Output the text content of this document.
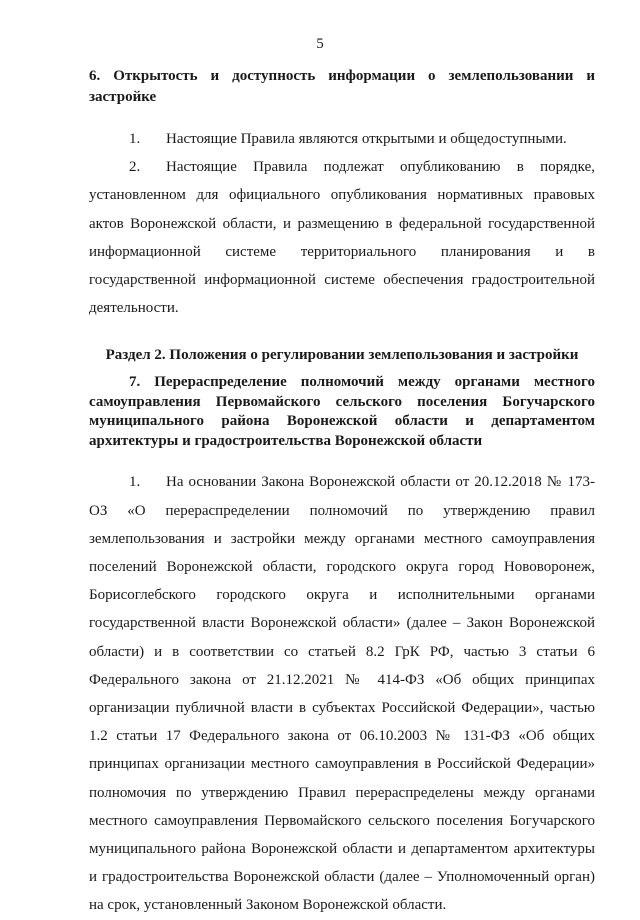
5

6. Открытость и доступность информации о землепользовании и застройке

1. Настоящие Правила являются открытыми и общедоступными.

2. Настоящие Правила подлежат опубликованию в порядке, установленном для официального опубликования нормативных правовых актов Воронежской области, и размещению в федеральной государственной информационной системе территориального планирования и в государственной информационной системе обеспечения градостроительной деятельности.

Раздел 2. Положения о регулировании землепользования и застройки

7. Перераспределение полномочий между органами местного самоуправления Первомайского сельского поселения Богучарского муниципального района Воронежской области и департаментом архитектуры и градостроительства Воронежской области

1. На основании Закона Воронежской области от 20.12.2018 № 173-ОЗ «О перераспределении полномочий по утверждению правил землепользования и застройки между органами местного самоуправления поселений Воронежской области, городского округа город Нововоронеж, Борисоглебского городского округа и исполнительными органами государственной власти Воронежской области» (далее – Закон Воронежской области) и в соответствии со статьей 8.2 ГрК РФ, частью 3 статьи 6 Федерального закона от 21.12.2021 № 414-ФЗ «Об общих принципах организации публичной власти в субъектах Российской Федерации», частью 1.2 статьи 17 Федерального закона от 06.10.2003 № 131-ФЗ «Об общих принципах организации местного самоуправления в Российской Федерации» полномочия по утверждению Правил перераспределены между органами местного самоуправления Первомайского сельского поселения Богучарского муниципального района Воронежской области и департаментом архитектуры и градостроительства Воронежской области (далее – Уполномоченный орган) на срок, установленный Законом Воронежской области.
